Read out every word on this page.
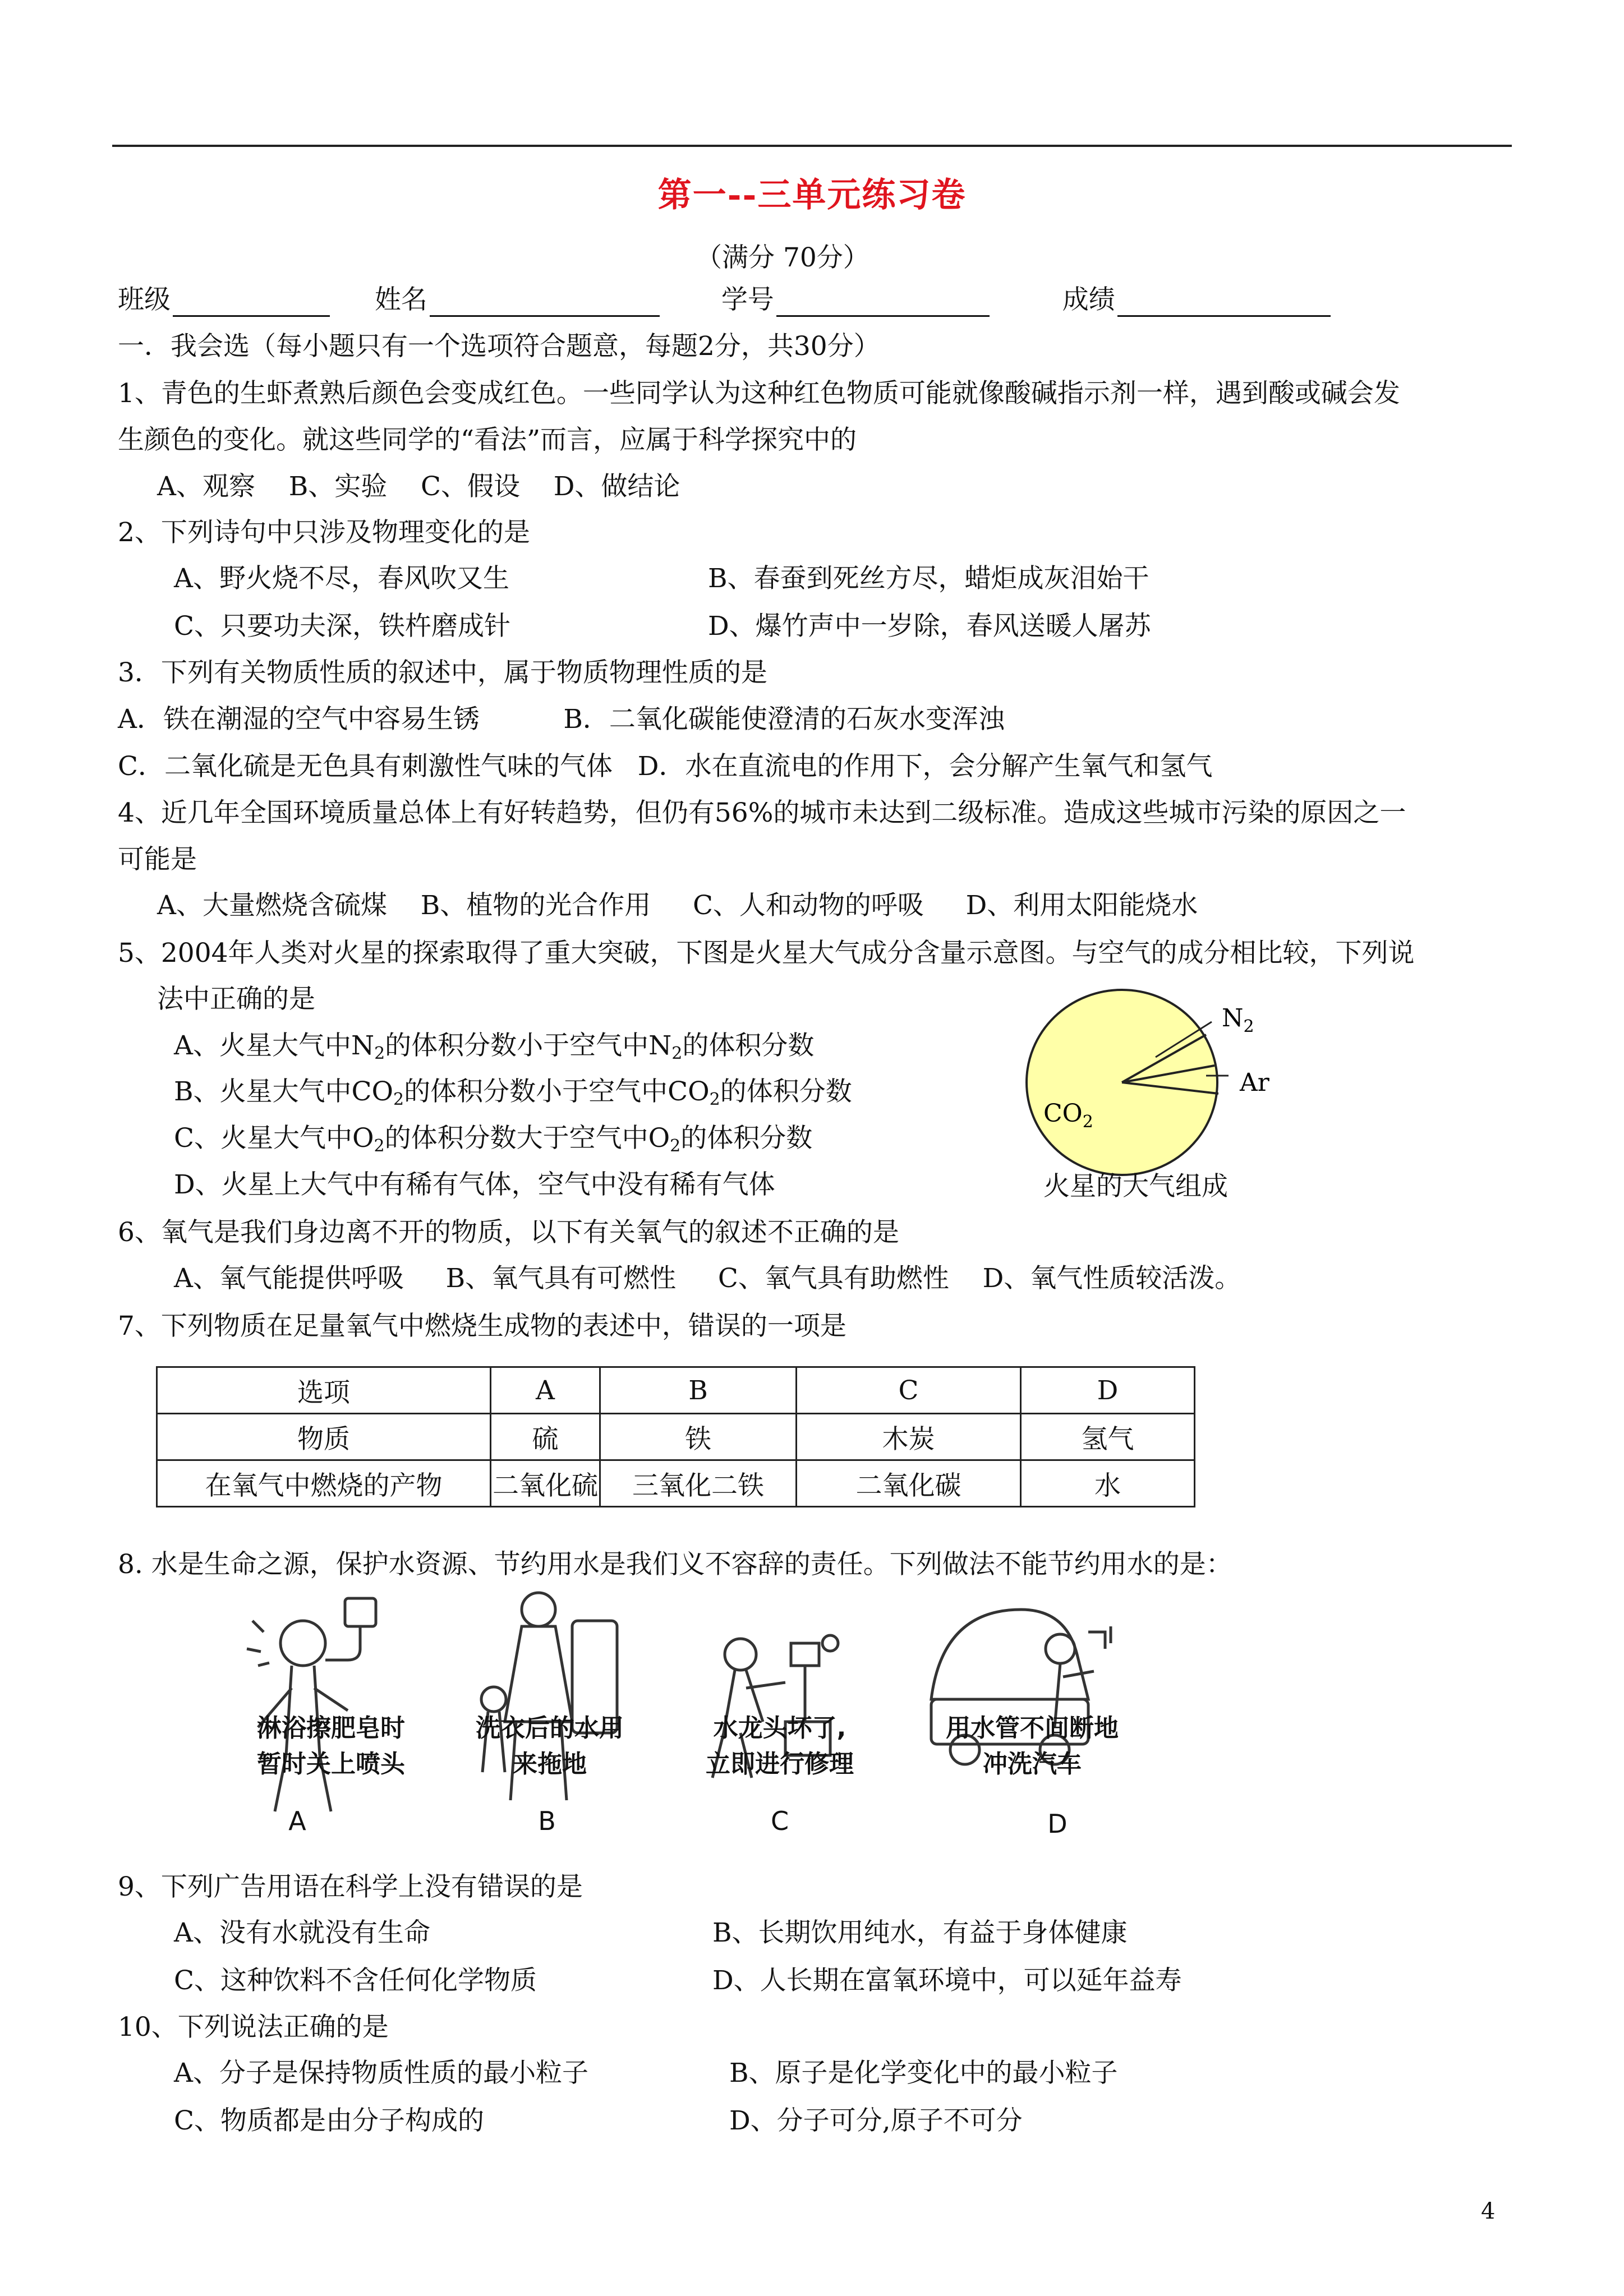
第一--三单元练习卷
（满分 70分）
班级	姓名	学号	成绩
一．我会选（每小题只有一个选项符合题意，每题2分，共30分）
1、青色的生虾煮熟后颜色会变成红色。一些同学认为这种红色物质可能就像酸碱指示剂一样，遇到酸或碱会发
生颜色的变化。就这些同学的“看法”而言，应属于科学探究中的
A、观察    B、实验    C、假设    D、做结论
2、下列诗句中只涉及物理变化的是
A、野火烧不尽，春风吹又生	B、春蚕到死丝方尽，蜡炬成灰泪始干
C、只要功夫深，铁杵磨成针	D、爆竹声中一岁除，春风送暖人屠苏
3．下列有关物质性质的叙述中，属于物质物理性质的是
A．铁在潮湿的空气中容易生锈          B．二氧化碳能使澄清的石灰水变浑浊
C．二氧化硫是无色具有刺激性气味的气体   D．水在直流电的作用下，会分解产生氧气和氢气
4、近几年全国环境质量总体上有好转趋势，但仍有56%的城市未达到二级标准。造成这些城市污染的原因之一
可能是
A、大量燃烧含硫煤    B、植物的光合作用     C、人和动物的呼吸     D、利用太阳能烧水
5、2004年人类对火星的探索取得了重大突破，下图是火星大气成分含量示意图。与空气的成分相比较，下列说
法中正确的是
A、火星大气中$N_2$的体积分数小于空气中$N_2$的体积分数
B、火星大气中$CO_2$的体积分数小于空气中$CO_2$的体积分数
C、火星大气中$O_2$的体积分数大于空气中$O_2$的体积分数
D、火星上大气中有稀有气体，空气中没有稀有气体
$N_2$
Ar
$CO_2$
火星的大气组成
6、氧气是我们身边离不开的物质，以下有关氧气的叙述不正确的是
A、氧气能提供呼吸     B、氧气具有可燃性     C、氧气具有助燃性    D、氧气性质较活泼。
7、下列物质在足量氧气中燃烧生成物的表述中，错误的一项是
选项	A	B	C	D
物质	硫	铁	木炭	氢气
在氧气中燃烧的产物	二氧化硫	三氧化二铁	二氧化碳	水
8. 水是生命之源，保护水资源、节约用水是我们义不容辞的责任。下列做法不能节约用水的是：
淋浴擦肥皂时
暂时关上喷头
A
洗衣后的水用
来拖地
B
水龙头坏了,
立即进行修理
C
用水管不间断地
冲洗汽车
D
9、下列广告用语在科学上没有错误的是
A、没有水就没有生命	B、长期饮用纯水，有益于身体健康
C、这种饮料不含任何化学物质	D、人长期在富氧环境中，可以延年益寿
10、下列说法正确的是
A、分子是保持物质性质的最小粒子	B、原子是化学变化中的最小粒子
C、物质都是由分子构成的	D、分子可分,原子不可分
4
